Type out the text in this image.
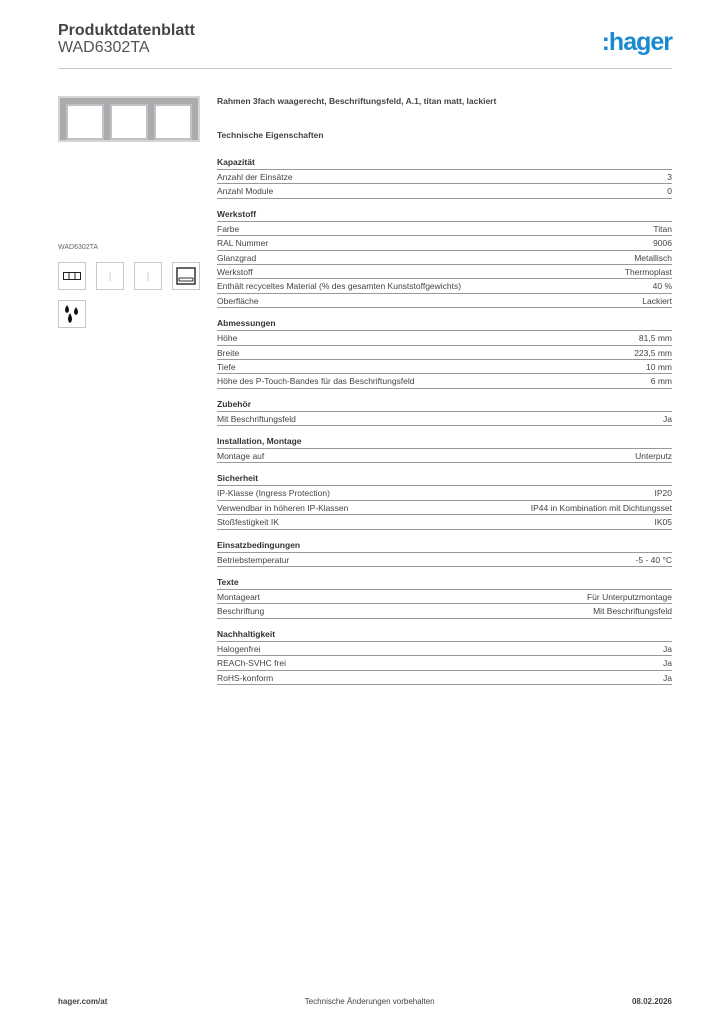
Produktdatenblatt
WAD6302TA	:hager
WAD6302TA
|	|
Rahmen 3fach waagerecht, Beschriftungsfeld, A.1, titan matt, lackiert
Technische Eigenschaften
Kapazität
Anzahl der Einsätze	3
Anzahl Module	0
Werkstoff
Farbe	Titan
RAL Nummer	9006
Glanzgrad	Metallisch
Werkstoff	Thermoplast
Enthält recyceltes Material (% des gesamten Kunststoffgewichts)	40 %
Oberfläche	Lackiert
Abmessungen
Höhe	81,5 mm
Breite	223,5 mm
Tiefe	10 mm
Höhe des P-Touch-Bandes für das Beschriftungsfeld	6 mm
Zubehör
Mit Beschriftungsfeld	Ja
Installation, Montage
Montage auf	Unterputz
Sicherheit
IP-Klasse (Ingress Protection)	IP20
Verwendbar in höheren IP-Klassen	IP44 in Kombination mit Dichtungsset
Stoßfestigkeit IK	IK05
Einsatzbedingungen
Betriebstemperatur	-5 - 40 °C
Texte
Montageart	Für Unterputzmontage
Beschriftung	Mit Beschriftungsfeld
Nachhaltigkeit
Halogenfrei	Ja
REACh-SVHC frei	Ja
RoHS-konform	Ja
hager.com/at	Technische Änderungen vorbehalten	08.02.2026
